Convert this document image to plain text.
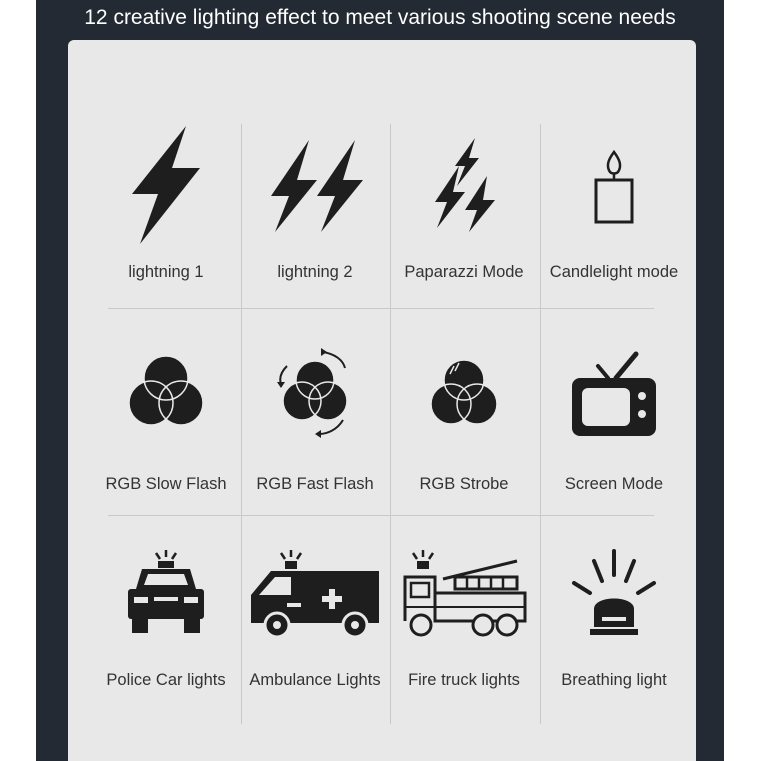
12 creative lighting effect to meet various shooting scene needs
lightning 1	lightning 2	Paparazzi Mode	Candlelight mode
RGB Slow Flash	RGB Fast Flash	RGB Strobe	Screen Mode
Police Car lights	Ambulance Lights	Fire truck lights	Breathing light
